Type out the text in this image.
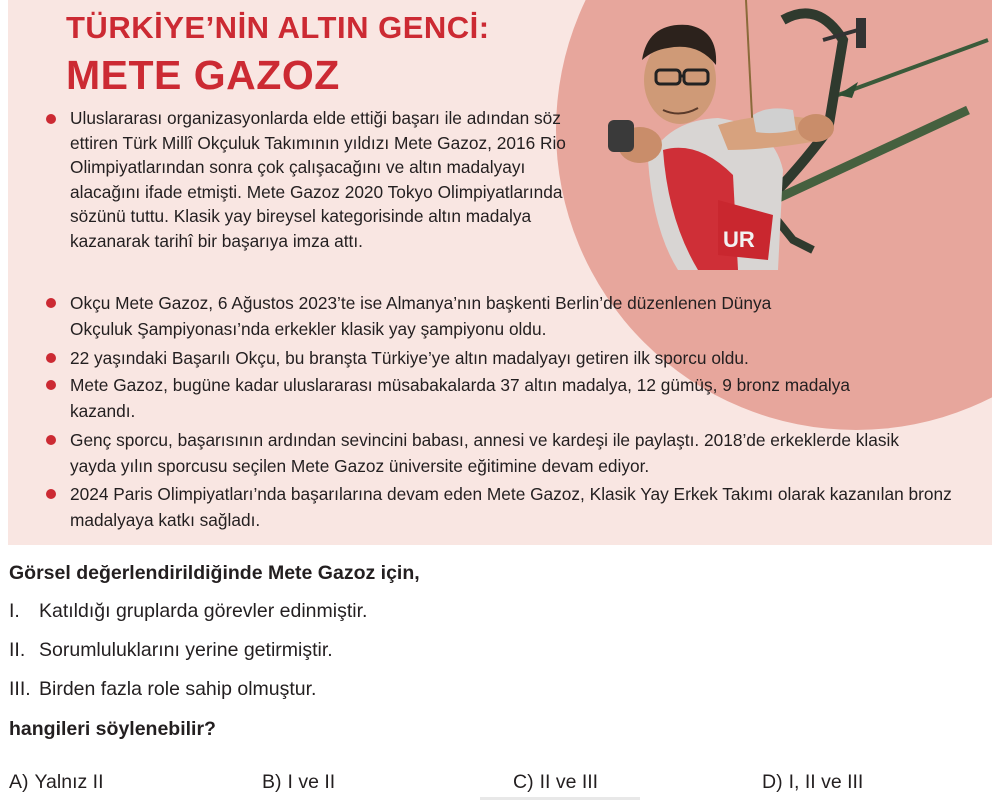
UR
TÜRKİYE’NİN ALTIN GENCİ:
METE GAZOZ
Uluslararası organizasyonlarda elde ettiği başarı ile adından söz ettiren Türk Millî Okçuluk Takımının yıldızı Mete Gazoz, 2016 Rio Olimpiyatlarından sonra çok çalışacağını ve altın madalyayı alacağını ifade etmişti. Mete Gazoz 2020 Tokyo Olimpiyatlarında sözünü tuttu. Klasik yay bireysel kategorisinde altın madalya kazanarak tarihî bir başarıya imza attı.
Okçu Mete Gazoz, 6 Ağustos 2023’te ise Almanya’nın başkenti Berlin’de düzenlenen Dünya Okçuluk Şampiyonası’nda erkekler klasik yay şampiyonu oldu.
22 yaşındaki Başarılı Okçu, bu branşta Türkiye’ye altın madalyayı getiren ilk sporcu oldu.
Mete Gazoz, bugüne kadar uluslararası müsabakalarda 37 altın madalya, 12 gümüş, 9 bronz madalya kazandı.
Genç sporcu, başarısının ardından sevincini babası, annesi ve kardeşi ile paylaştı. 2018’de erkeklerde klasik yayda yılın sporcusu seçilen Mete Gazoz üniversite eğitimine devam ediyor.
2024 Paris Olimpiyatları’nda başarılarına devam eden Mete Gazoz, Klasik Yay Erkek Takımı olarak kazanılan bronz madalyaya katkı sağladı.
Görsel değerlendirildiğinde Mete Gazoz için,
I. Katıldığı gruplarda görevler edinmiştir.
II. Sorumluluklarını yerine getirmiştir.
III. Birden fazla role sahip olmuştur.
hangileri söylenebilir?
A) Yalnız II	B) I ve II	C) II ve III	D) I, II ve III
